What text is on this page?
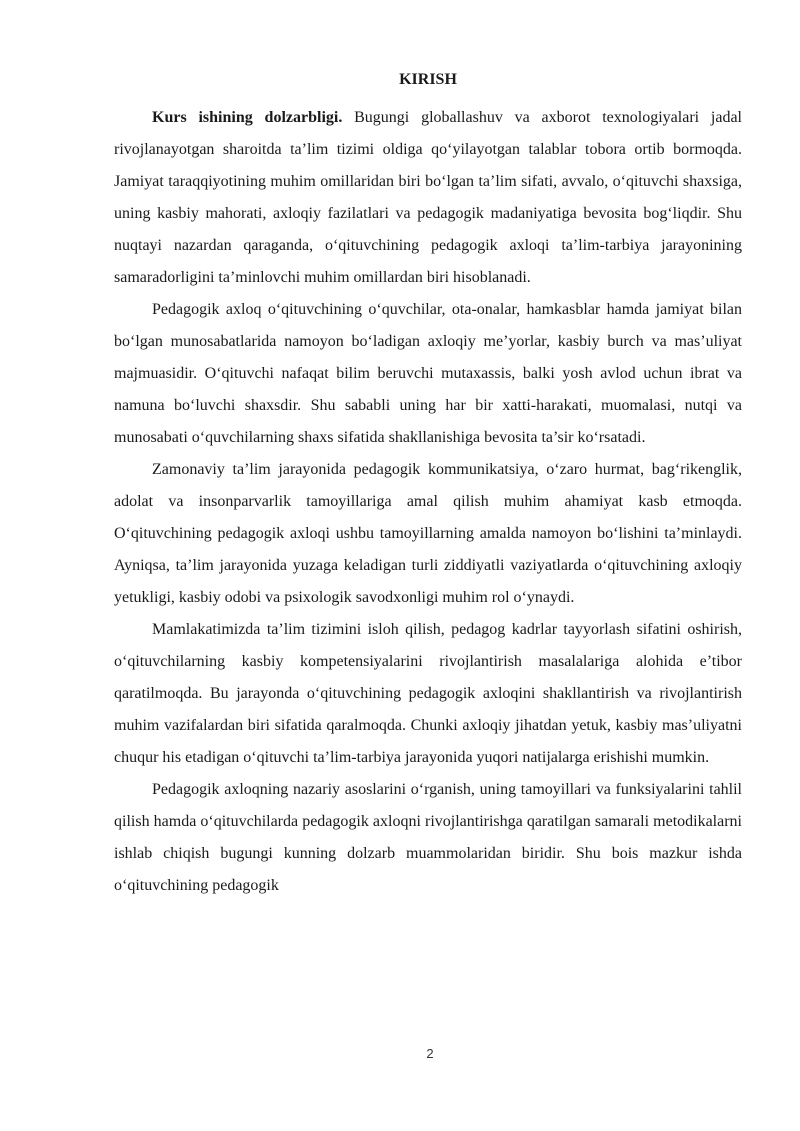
KIRISH

Kurs ishining dolzarbligi. Bugungi globallashuv va axborot texnologiyalari jadal rivojlanayotgan sharoitda ta’lim tizimi oldiga qo‘yilayotgan talablar tobora ortib bormoqda. Jamiyat taraqqiyotining muhim omillaridan biri bo‘lgan ta’lim sifati, avvalo, o‘qituvchi shaxsiga, uning kasbiy mahorati, axloqiy fazilatlari va pedagogik madaniyatiga bevosita bog‘liqdir. Shu nuqtayi nazardan qaraganda, o‘qituvchining pedagogik axloqi ta’lim-tarbiya jarayonining samaradorligini ta’minlovchi muhim omillardan biri hisoblanadi.

Pedagogik axloq o‘qituvchining o‘quvchilar, ota-onalar, hamkasblar hamda jamiyat bilan bo‘lgan munosabatlarida namoyon bo‘ladigan axloqiy me’yorlar, kasbiy burch va mas’uliyat majmuasidir. O‘qituvchi nafaqat bilim beruvchi mutaxassis, balki yosh avlod uchun ibrat va namuna bo‘luvchi shaxsdir. Shu sababli uning har bir xatti-harakati, muomalasi, nutqi va munosabati o‘quvchilarning shaxs sifatida shakllanishiga bevosita ta’sir ko‘rsatadi.

Zamonaviy ta’lim jarayonida pedagogik kommunikatsiya, o‘zaro hurmat, bag‘rikenglik, adolat va insonparvarlik tamoyillariga amal qilish muhim ahamiyat kasb etmoqda. O‘qituvchining pedagogik axloqi ushbu tamoyillarning amalda namoyon bo‘lishini ta’minlaydi. Ayniqsa, ta’lim jarayonida yuzaga keladigan turli ziddiyatli vaziyatlarda o‘qituvchining axloqiy yetukligi, kasbiy odobi va psixologik savodxonligi muhim rol o‘ynaydi.

Mamlakatimizda ta’lim tizimini isloh qilish, pedagog kadrlar tayyorlash sifatini oshirish, o‘qituvchilarning kasbiy kompetensiyalarini rivojlantirish masalalariga alohida e’tibor qaratilmoqda. Bu jarayonda o‘qituvchining pedagogik axloqini shakllantirish va rivojlantirish muhim vazifalardan biri sifatida qaralmoqda. Chunki axloqiy jihatdan yetuk, kasbiy mas’uliyatni chuqur his etadigan o‘qituvchi ta’lim-tarbiya jarayonida yuqori natijalarga erishishi mumkin.

Pedagogik axloqning nazariy asoslarini o‘rganish, uning tamoyillari va funksiyalarini tahlil qilish hamda o‘qituvchilarda pedagogik axloqni rivojlantirishga qaratilgan samarali metodikalarni ishlab chiqish bugungi kunning dolzarb muammolaridan biridir. Shu bois mazkur ishda o‘qituvchining pedagogik

2
